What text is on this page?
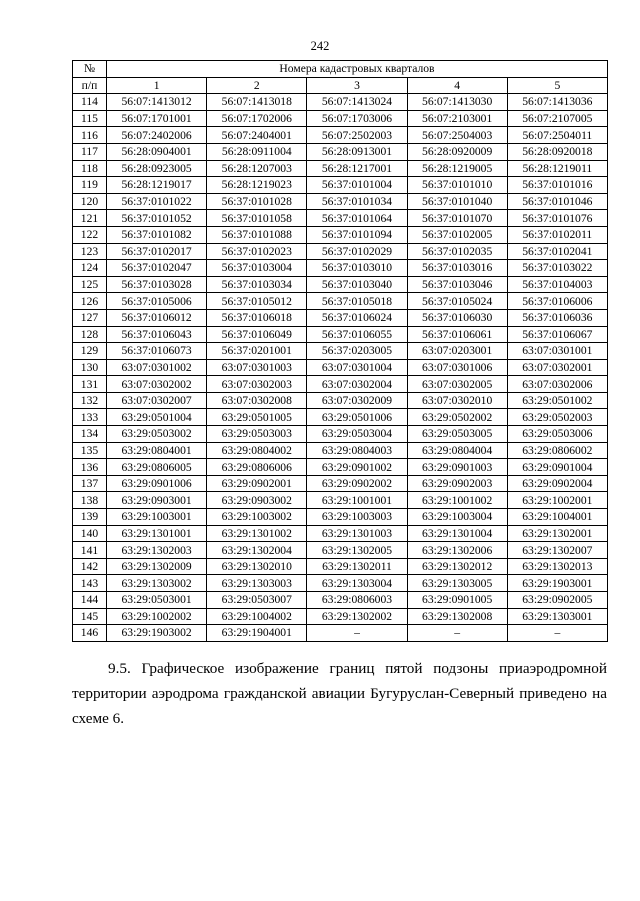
242
№	Номера кадастровых кварталов				
п/п	1	2	3	4	5
114	56:07:1413012	56:07:1413018	56:07:1413024	56:07:1413030	56:07:1413036
115	56:07:1701001	56:07:1702006	56:07:1703006	56:07:2103001	56:07:2107005
116	56:07:2402006	56:07:2404001	56:07:2502003	56:07:2504003	56:07:2504011
117	56:28:0904001	56:28:0911004	56:28:0913001	56:28:0920009	56:28:0920018
118	56:28:0923005	56:28:1207003	56:28:1217001	56:28:1219005	56:28:1219011
119	56:28:1219017	56:28:1219023	56:37:0101004	56:37:0101010	56:37:0101016
120	56:37:0101022	56:37:0101028	56:37:0101034	56:37:0101040	56:37:0101046
121	56:37:0101052	56:37:0101058	56:37:0101064	56:37:0101070	56:37:0101076
122	56:37:0101082	56:37:0101088	56:37:0101094	56:37:0102005	56:37:0102011
123	56:37:0102017	56:37:0102023	56:37:0102029	56:37:0102035	56:37:0102041
124	56:37:0102047	56:37:0103004	56:37:0103010	56:37:0103016	56:37:0103022
125	56:37:0103028	56:37:0103034	56:37:0103040	56:37:0103046	56:37:0104003
126	56:37:0105006	56:37:0105012	56:37:0105018	56:37:0105024	56:37:0106006
127	56:37:0106012	56:37:0106018	56:37:0106024	56:37:0106030	56:37:0106036
128	56:37:0106043	56:37:0106049	56:37:0106055	56:37:0106061	56:37:0106067
129	56:37:0106073	56:37:0201001	56:37:0203005	63:07:0203001	63:07:0301001
130	63:07:0301002	63:07:0301003	63:07:0301004	63:07:0301006	63:07:0302001
131	63:07:0302002	63:07:0302003	63:07:0302004	63:07:0302005	63:07:0302006
132	63:07:0302007	63:07:0302008	63:07:0302009	63:07:0302010	63:29:0501002
133	63:29:0501004	63:29:0501005	63:29:0501006	63:29:0502002	63:29:0502003
134	63:29:0503002	63:29:0503003	63:29:0503004	63:29:0503005	63:29:0503006
135	63:29:0804001	63:29:0804002	63:29:0804003	63:29:0804004	63:29:0806002
136	63:29:0806005	63:29:0806006	63:29:0901002	63:29:0901003	63:29:0901004
137	63:29:0901006	63:29:0902001	63:29:0902002	63:29:0902003	63:29:0902004
138	63:29:0903001	63:29:0903002	63:29:1001001	63:29:1001002	63:29:1002001
139	63:29:1003001	63:29:1003002	63:29:1003003	63:29:1003004	63:29:1004001
140	63:29:1301001	63:29:1301002	63:29:1301003	63:29:1301004	63:29:1302001
141	63:29:1302003	63:29:1302004	63:29:1302005	63:29:1302006	63:29:1302007
142	63:29:1302009	63:29:1302010	63:29:1302011	63:29:1302012	63:29:1302013
143	63:29:1303002	63:29:1303003	63:29:1303004	63:29:1303005	63:29:1903001
144	63:29:0503001	63:29:0503007	63:29:0806003	63:29:0901005	63:29:0902005
145	63:29:1002002	63:29:1004002	63:29:1302002	63:29:1302008	63:29:1303001
146	63:29:1903002	63:29:1904001	–	–	–

9.5. Графическое изображение границ пятой подзоны приаэродромной территории аэродрома гражданской авиации Бугуруслан-Северный приведено на схеме 6.
